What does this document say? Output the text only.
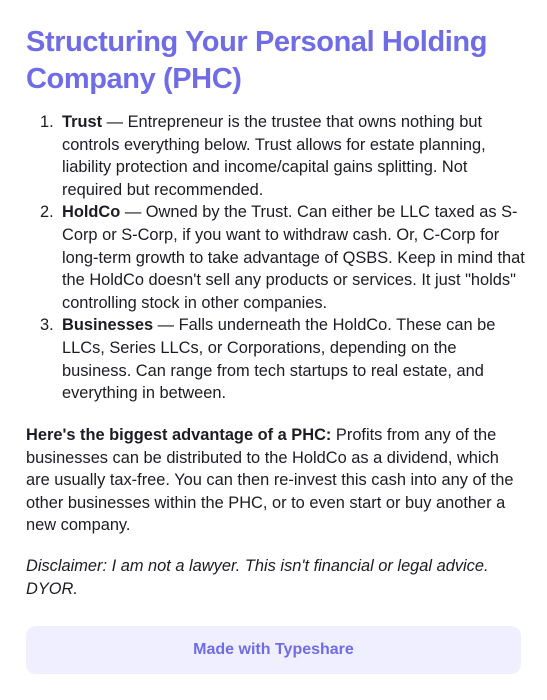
Structuring Your Personal Holding Company (PHC)
1. Trust — Entrepreneur is the trustee that owns nothing but controls everything below. Trust allows for estate planning, liability protection and income/capital gains splitting. Not required but recommended.
2. HoldCo — Owned by the Trust. Can either be LLC taxed as S-Corp or S-Corp, if you want to withdraw cash. Or, C-Corp for long-term growth to take advantage of QSBS. Keep in mind that the HoldCo doesn't sell any products or services. It just "holds" controlling stock in other companies.
3. Businesses — Falls underneath the HoldCo. These can be LLCs, Series LLCs, or Corporations, depending on the business. Can range from tech startups to real estate, and everything in between.

Here's the biggest advantage of a PHC: Profits from any of the businesses can be distributed to the HoldCo as a dividend, which are usually tax-free. You can then re-invest this cash into any of the other businesses within the PHC, or to even start or buy another a new company.

Disclaimer: I am not a lawyer. This isn't financial or legal advice. DYOR.

Made with Typeshare
